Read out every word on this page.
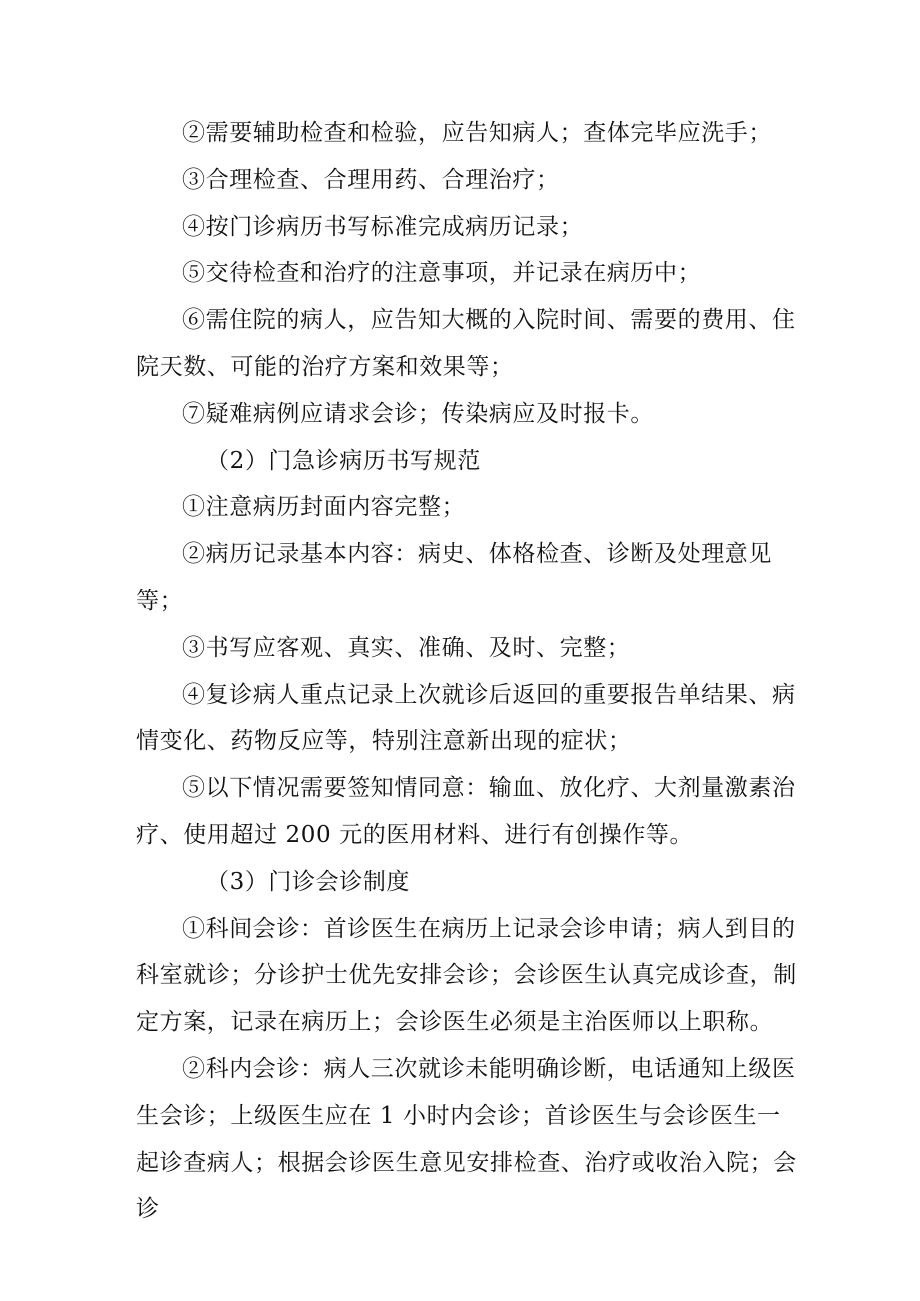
②需要辅助检查和检验，应告知病人；查体完毕应洗手；

③合理检查、合理用药、合理治疗；

④按门诊病历书写标准完成病历记录；

⑤交待检查和治疗的注意事项，并记录在病历中；

⑥需住院的病人，应告知大概的入院时间、需要的费用、住院天数、可能的治疗方案和效果等；

⑦疑难病例应请求会诊；传染病应及时报卡。

（2）门急诊病历书写规范

①注意病历封面内容完整；

②病历记录基本内容：病史、体格检查、诊断及处理意见等；

③书写应客观、真实、准确、及时、完整；

④复诊病人重点记录上次就诊后返回的重要报告单结果、病情变化、药物反应等，特别注意新出现的症状；

⑤以下情况需要签知情同意：输血、放化疗、大剂量激素治疗、使用超过 200 元的医用材料、进行有创操作等。

（3）门诊会诊制度

①科间会诊：首诊医生在病历上记录会诊申请；病人到目的科室就诊；分诊护士优先安排会诊；会诊医生认真完成诊查，制定方案，记录在病历上；会诊医生必须是主治医师以上职称。

②科内会诊：病人三次就诊未能明确诊断，电话通知上级医生会诊；上级医生应在 1 小时内会诊；首诊医生与会诊医生一起诊查病人；根据会诊医生意见安排检查、治疗或收治入院；会诊
